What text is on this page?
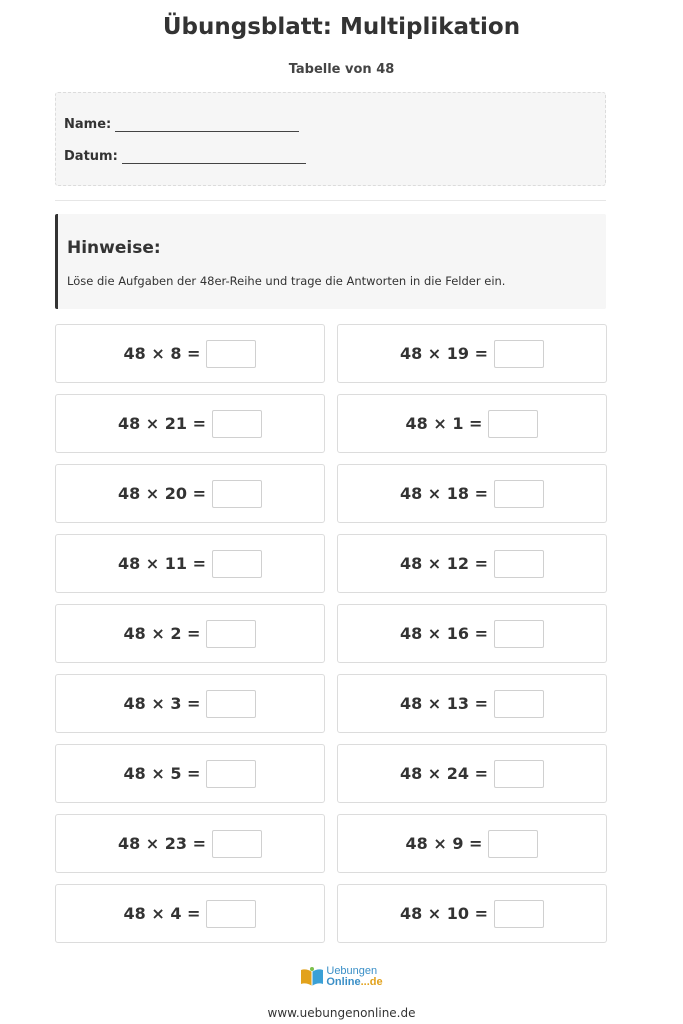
Übungsblatt: Multiplikation
Tabelle von 48
Name:
Datum:
Hinweise:
Löse die Aufgaben der 48er-Reihe und trage die Antworten in die Felder ein.
48 × 8 =	48 × 19 =
48 × 21 =	48 × 1 =
48 × 20 =	48 × 18 =
48 × 11 =	48 × 12 =
48 × 2 =	48 × 16 =
48 × 3 =	48 × 13 =
48 × 5 =	48 × 24 =
48 × 23 =	48 × 9 =
48 × 4 =	48 × 10 =
Uebungen
Online...de
www.uebungenonline.de
